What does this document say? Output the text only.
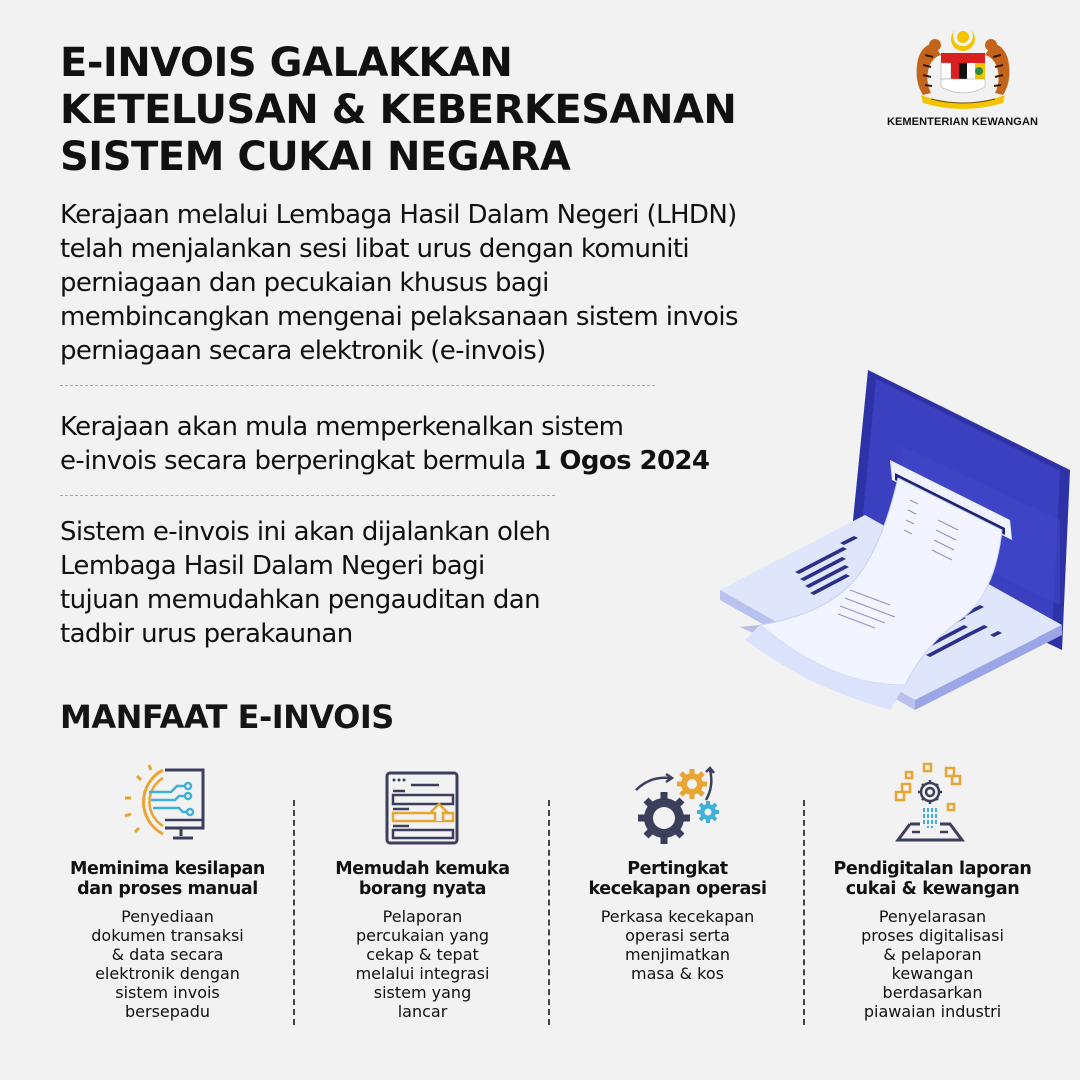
E-INVOIS GALAKKAN
KETELUSAN & KEBERKESANAN
SISTEM CUKAI NEGARA
KEMENTERIAN KEWANGAN
Kerajaan melalui Lembaga Hasil Dalam Negeri (LHDN)
telah menjalankan sesi libat urus dengan komuniti
perniagaan dan pecukaian khusus bagi
membincangkan mengenai pelaksanaan sistem invois
perniagaan secara elektronik (e-invois)
Kerajaan akan mula memperkenalkan sistem
e-invois secara berperingkat bermula 1 Ogos 2024
Sistem e-invois ini akan dijalankan oleh
Lembaga Hasil Dalam Negeri bagi
tujuan memudahkan pengauditan dan
tadbir urus perakaunan
MANFAAT E-INVOIS
Meminima kesilapan
dan proses manual

Penyediaan
dokumen transaksi
& data secara
elektronik dengan
sistem invois
bersepadu

Memudah kemuka
borang nyata

Pelaporan
percukaian yang
cekap & tepat
melalui integrasi
sistem yang
lancar

Pertingkat
kecekapan operasi

Perkasa kecekapan
operasi serta
menjimatkan
masa & kos

Pendigitalan laporan
cukai & kewangan

Penyelarasan
proses digitalisasi
& pelaporan
kewangan
berdasarkan
piawaian industri
